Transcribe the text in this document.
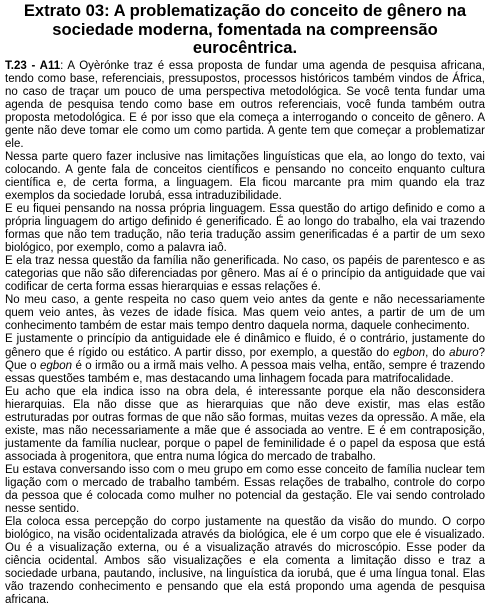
Extrato 03: A problematização do conceito de gênero na
sociedade moderna, fomentada na compreensão eurocêntrica.

T.23 - A11: A Oyèrónke traz é essa proposta de fundar uma agenda de pesquisa africana, tendo como base, referenciais, pressupostos, processos históricos também vindos de África, no caso de traçar um pouco de uma perspectiva metodológica. Se você tenta fundar uma agenda de pesquisa tendo como base em outros referenciais, você funda também outra proposta metodológica. E é por isso que ela começa a interrogando o conceito de gênero. A gente não deve tomar ele como um como partida. A gente tem que começar a problematizar ele.

Nessa parte quero fazer inclusive nas limitações linguísticas que ela, ao longo do texto, vai colocando. A gente fala de conceitos científicos e pensando no conceito enquanto cultura científica e, de certa forma, a linguagem. Ela ficou marcante pra mim quando ela traz exemplos da sociedade Iorubá, essa intraduzibilidade.

E eu fiquei pensando na nossa própria linguagem. Essa questão do artigo definido e como a própria linguagem do artigo definido é generificado. É ao longo do trabalho, ela vai trazendo formas que não tem tradução, não teria tradução assim generificadas é a partir de um sexo biológico, por exemplo, como a palavra iaô.

E ela traz nessa questão da família não generificada. No caso, os papéis de parentesco e as categorias que não são diferenciadas por gênero. Mas aí é o princípio da antiguidade que vai codificar de certa forma essas hierarquias e essas relações é.

No meu caso, a gente respeita no caso quem veio antes da gente e não necessariamente quem veio antes, às vezes de idade física. Mas quem veio antes, a partir de um de um conhecimento também de estar mais tempo dentro daquela norma, daquele conhecimento.

E justamente o princípio da antiguidade ele é dinâmico e fluido, é o contrário, justamente do gênero que é rígido ou estático. A partir disso, por exemplo, a questão do egbon, do aburo? Que o egbon é o irmão ou a irmã mais velho. A pessoa mais velha, então, sempre é trazendo essas questões também e, mas destacando uma linhagem focada para matrifocalidade.

Eu acho que ela indica isso na obra dela, é interessante porque ela não desconsidera hierarquias. Ela não disse que as hierarquias que não deve existir, mas elas estão estruturadas por outras formas de que não são formas, muitas vezes da opressão. A mãe, ela existe, mas não necessariamente a mãe que é associada ao ventre. E é em contraposição, justamente da família nuclear, porque o papel de feminilidade é o papel da esposa que está associada à progenitora, que entra numa lógica do mercado de trabalho.

Eu estava conversando isso com o meu grupo em como esse conceito de família nuclear tem ligação com o mercado de trabalho também. Essas relações de trabalho, controle do corpo da pessoa que é colocada como mulher no potencial da gestação. Ele vai sendo controlado nesse sentido.

Ela coloca essa percepção do corpo justamente na questão da visão do mundo. O corpo biológico, na visão ocidentalizada através da biológica, ele é um corpo que ele é visualizado. Ou é a visualização externa, ou é a visualização através do microscópio. Esse poder da ciência ocidental. Ambos são visualizações e ela comenta a limitação disso e traz a sociedade urbana, pautando, inclusive, na linguística da iorubá, que é uma língua tonal. Elas vão trazendo conhecimento e pensando que ela está propondo uma agenda de pesquisa africana.
